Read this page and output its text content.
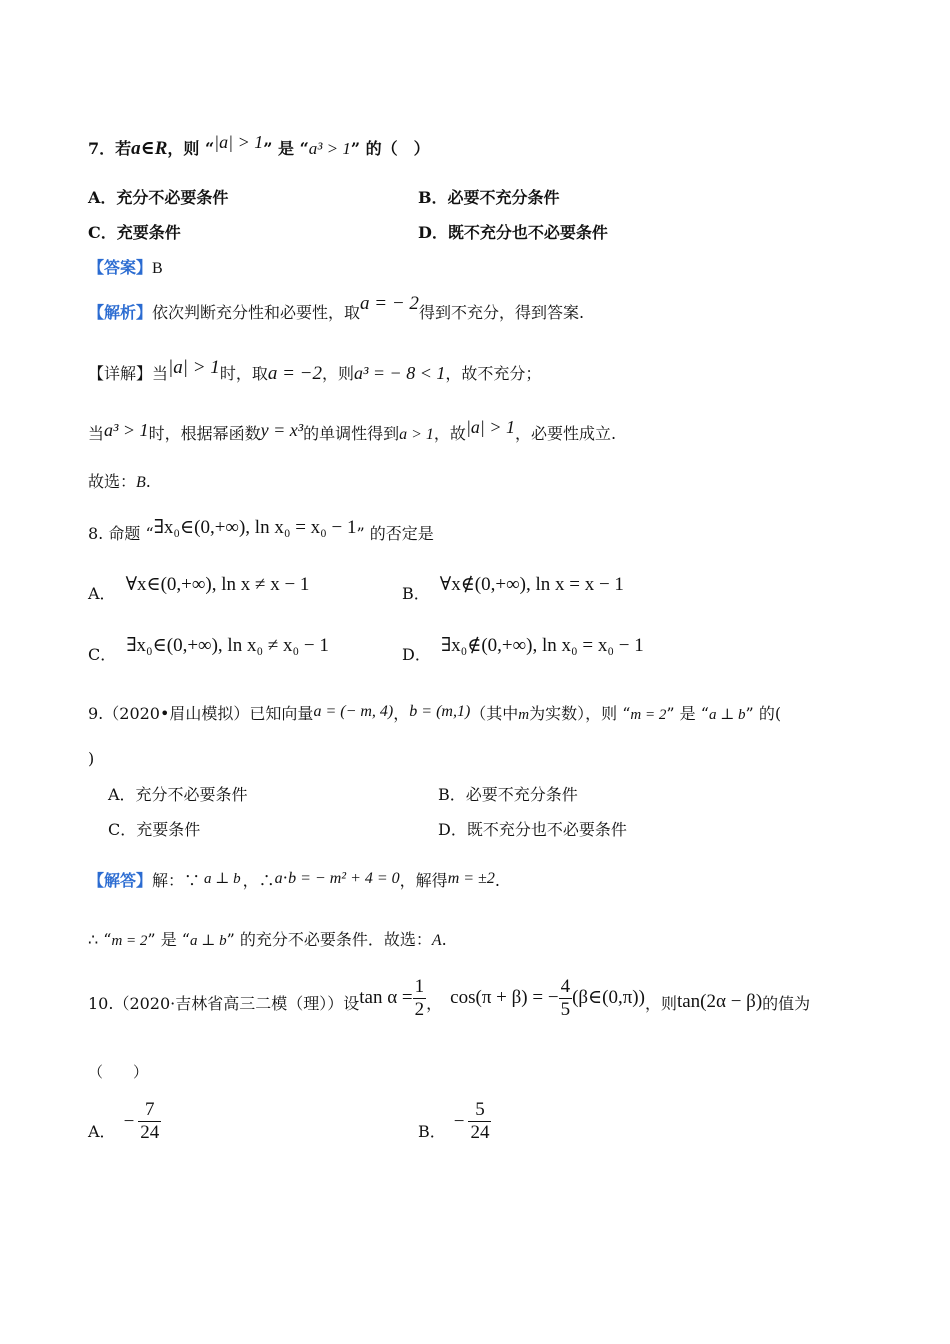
7．若a∈R，则 “|a| > 1” 是 “a³ > 1” 的（　）
A．充分不必要条件	B．必要不充分条件
C．充要条件	D．既不充分也不必要条件
【答案】B
【解析】依次判断充分性和必要性，取a = − 2得到不充分，得到答案.
【详解】当|a| > 1时，取a = −2，则a³ = − 8 < 1，故不充分；
当a³ > 1时，根据幂函数y = x³的单调性得到a > 1，故|a| > 1，必要性成立.
故选：B.
8. 命题 “∃x₀∈(0,+∞), ln x₀ = x₀ − 1” 的否定是
A． ∀x∈(0,+∞), ln x ≠ x − 1	B． ∀x∉(0,+∞), ln x = x − 1
C． ∃x₀∈(0,+∞), ln x₀ ≠ x₀ − 1	D． ∃x₀∉(0,+∞), ln x₀ = x₀ − 1
9.（2020•眉山模拟）已知向量a = (− m, 4)，b = (m,1)（其中m为实数），则 “m = 2” 是 “a ⊥ b” 的(
)
A．充分不必要条件	B．必要不充分条件
C．充要条件	D．既不充分也不必要条件
【解答】解：∵ a ⊥ b ，∴a⋅b = − m² + 4 = 0，解得m = ±2.
∴ “m = 2” 是 “a ⊥ b” 的充分不必要条件．故选：A.
10.（2020·吉林省高三二模（理））设$\tan \alpha = \frac{1}{2}$ ， cos(π + β) = − $\frac{4}{5}$ (β∈(0,π))，则tan(2α − β)的值为
（　　）
A． − $\frac{7}{24}$	B． − $\frac{5}{24}$
